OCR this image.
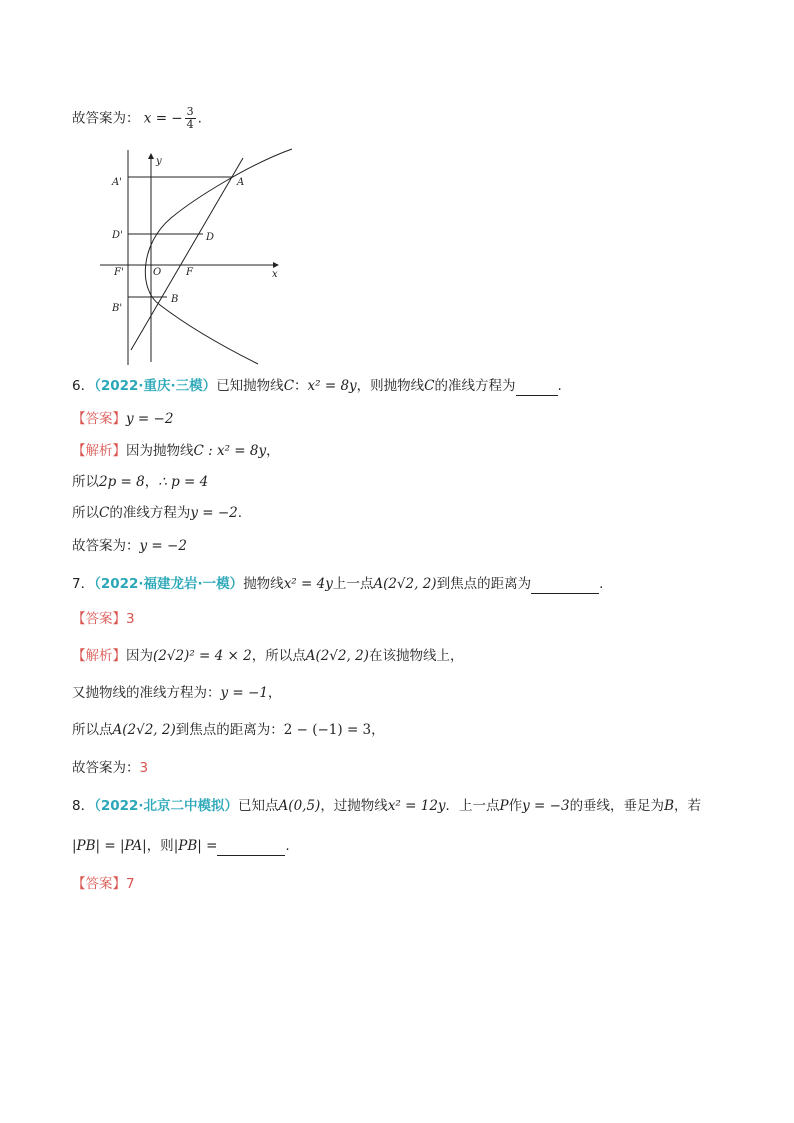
故答案为： x = − $\frac{3}{4}$ .
A'	A
D'	D
F'	O F	x
B'
B
y
6．（2022·重庆·三模）已知抛物线C：x² = 8y，则抛物线C的准线方程为	.
【答案】y = −2
【解析】因为抛物线C : x² = 8y，
所以2p = 8，∴ p = 4
所以C的准线方程为y = −2.
故答案为：y = −2
7．（2022·福建龙岩·一模）抛物线x² = 4y上一点A(2√2, 2)到焦点的距离为	.
【答案】3
【解析】因为(2√2)² = 4 × 2，所以点A(2√2, 2)在该抛物线上，
又抛物线的准线方程为：y = −1，
所以点A(2√2, 2)到焦点的距离为：2 − (−1) = 3，
故答案为：3
8．（2022·北京二中模拟）已知点A(0,5)，过抛物线x² = 12y．上一点P作y = −3的垂线，垂足为B，若
|PB| = |PA|，则|PB| =	.
【答案】7
